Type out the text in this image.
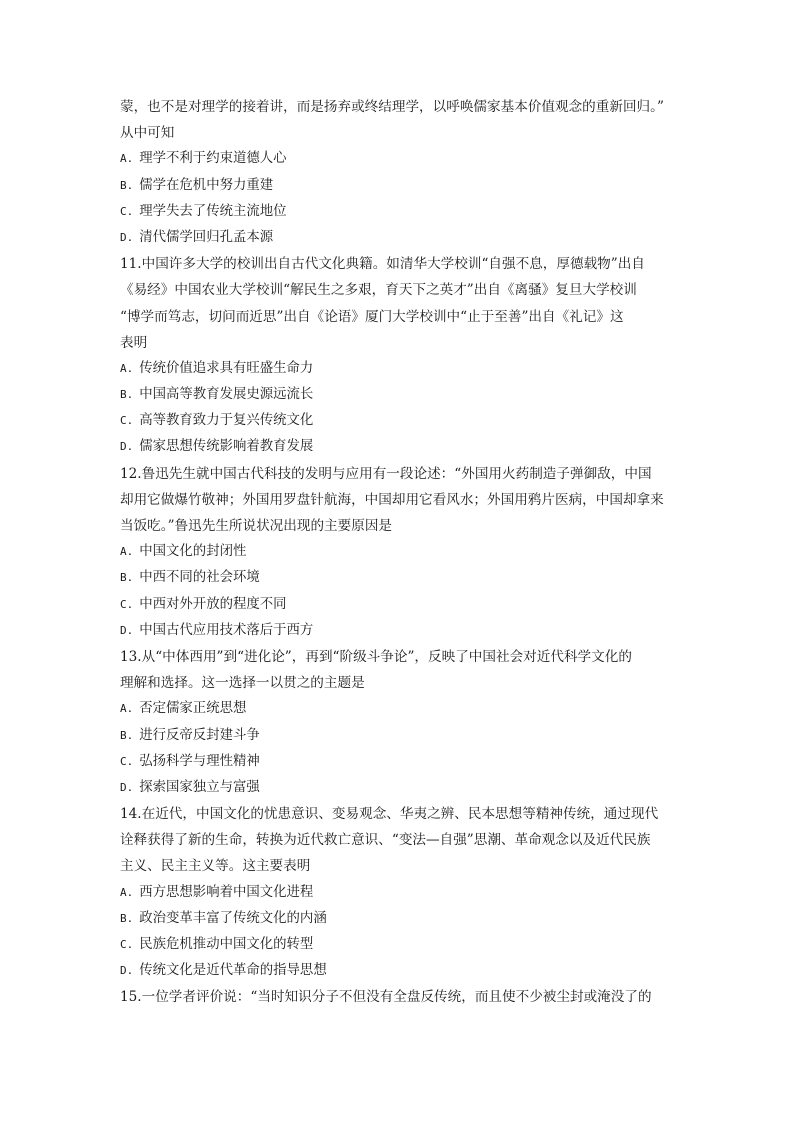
蒙，也不是对理学的接着讲，而是扬弃或终结理学，以呼唤儒家基本价值观念的重新回归。”
从中可知
A. 理学不利于约束道德人心
B. 儒学在危机中努力重建
C. 理学失去了传统主流地位
D. 清代儒学回归孔孟本源
11.中国许多大学的校训出自古代文化典籍。如清华大学校训“自强不息，厚德载物”出自
《易经》中国农业大学校训“解民生之多艰，育天下之英才”出自《离骚》复旦大学校训
“博学而笃志，切问而近思”出自《论语》厦门大学校训中“止于至善”出自《礼记》这
表明
A. 传统价值追求具有旺盛生命力
B. 中国高等教育发展史源远流长
C. 高等教育致力于复兴传统文化
D. 儒家思想传统影响着教育发展
12.鲁迅先生就中国古代科技的发明与应用有一段论述：“外国用火药制造子弹御敌，中国
却用它做爆竹敬神；外国用罗盘针航海，中国却用它看风水；外国用鸦片医病，中国却拿来
当饭吃。”鲁迅先生所说状况出现的主要原因是
A. 中国文化的封闭性
B. 中西不同的社会环境
C. 中西对外开放的程度不同
D. 中国古代应用技术落后于西方
13.从“中体西用”到“进化论”，再到“阶级斗争论”，反映了中国社会对近代科学文化的
理解和选择。这一选择一以贯之的主题是
A. 否定儒家正统思想
B. 进行反帝反封建斗争
C. 弘扬科学与理性精神
D. 探索国家独立与富强
14.在近代，中国文化的忧患意识、变易观念、华夷之辨、民本思想等精神传统，通过现代
诠释获得了新的生命，转换为近代救亡意识、“变法—自强”思潮、革命观念以及近代民族
主义、民主主义等。这主要表明
A. 西方思想影响着中国文化进程
B. 政治变革丰富了传统文化的内涵
C. 民族危机推动中国文化的转型
D. 传统文化是近代革命的指导思想
15.一位学者评价说：“当时知识分子不但没有全盘反传统，而且使不少被尘封或淹没了的
